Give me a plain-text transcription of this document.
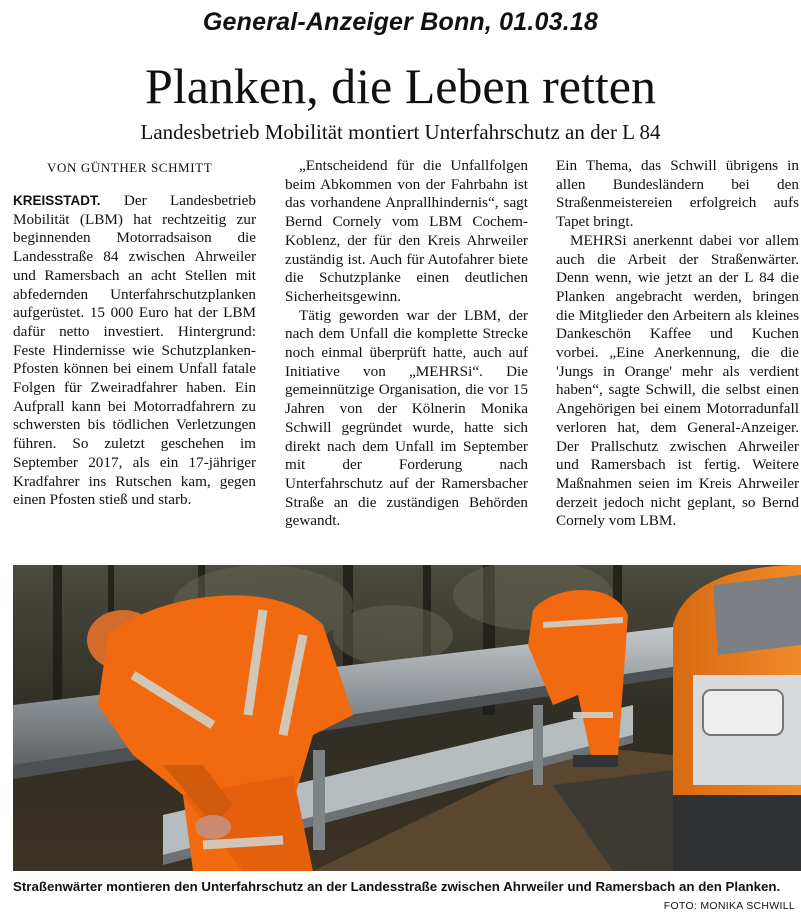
General-Anzeiger Bonn, 01.03.18
Planken, die Leben retten
Landesbetrieb Mobilität montiert Unterfahrschutz an der L 84
VON GÜNTHER SCHMITT

KREISSTADT. Der Landesbetrieb Mobilität (LBM) hat rechtzeitig zur beginnenden Motorradsaison die Landesstraße 84 zwischen Ahrweiler und Ramersbach an acht Stellen mit abfedernden Unterfahrschutzplanken aufgerüstet. 15 000 Euro hat der LBM dafür netto investiert. Hintergrund: Feste Hindernisse wie Schutzplanken-Pfosten können bei einem Unfall fatale Folgen für Zweiradfahrer haben. Ein Aufprall kann bei Motorradfahrern zu schwersten bis tödlichen Verletzungen führen. So zuletzt geschehen im September 2017, als ein 17-jähriger Kradfahrer ins Rutschen kam, gegen einen Pfosten stieß und starb.

„Entscheidend für die Unfallfolgen beim Abkommen von der Fahrbahn ist das vorhandene Anprallhindernis“, sagt Bernd Cornely vom LBM Cochem-Koblenz, der für den Kreis Ahrweiler zuständig ist. Auch für Autofahrer biete die Schutzplanke einen deutlichen Sicherheitsgewinn.

Tätig geworden war der LBM, der nach dem Unfall die komplette Strecke noch einmal überprüft hatte, auch auf Initiative von „MEHRSi“. Die gemeinnützige Organisation, die vor 15 Jahren von der Kölnerin Monika Schwill gegründet wurde, hatte sich direkt nach dem Unfall im September mit der Forderung nach Unterfahrschutz auf der Ramersbacher Straße an die zuständigen Behörden gewandt.

Ein Thema, das Schwill übrigens in allen Bundesländern bei den Straßenmeistereien erfolgreich aufs Tapet bringt.

MEHRSi anerkennt dabei vor allem auch die Arbeit der Straßenwärter. Denn wenn, wie jetzt an der L 84 die Planken angebracht werden, bringen die Mitglieder den Arbeitern als kleines Dankeschön Kaffee und Kuchen vorbei. „Eine Anerkennung, die die 'Jungs in Orange' mehr als verdient haben“, sagte Schwill, die selbst einen Angehörigen bei einem Motorradunfall verloren hat, dem General-Anzeiger. Der Prallschutz zwischen Ahrweiler und Ramersbach ist fertig. Weitere Maßnahmen seien im Kreis Ahrweiler derzeit jedoch nicht geplant, so Bernd Cornely vom LBM.

Straßenwärter montieren den Unterfahrschutz an der Landesstraße zwischen Ahrweiler und Ramersbach an den Planken.
FOTO: MONIKA SCHWILL
